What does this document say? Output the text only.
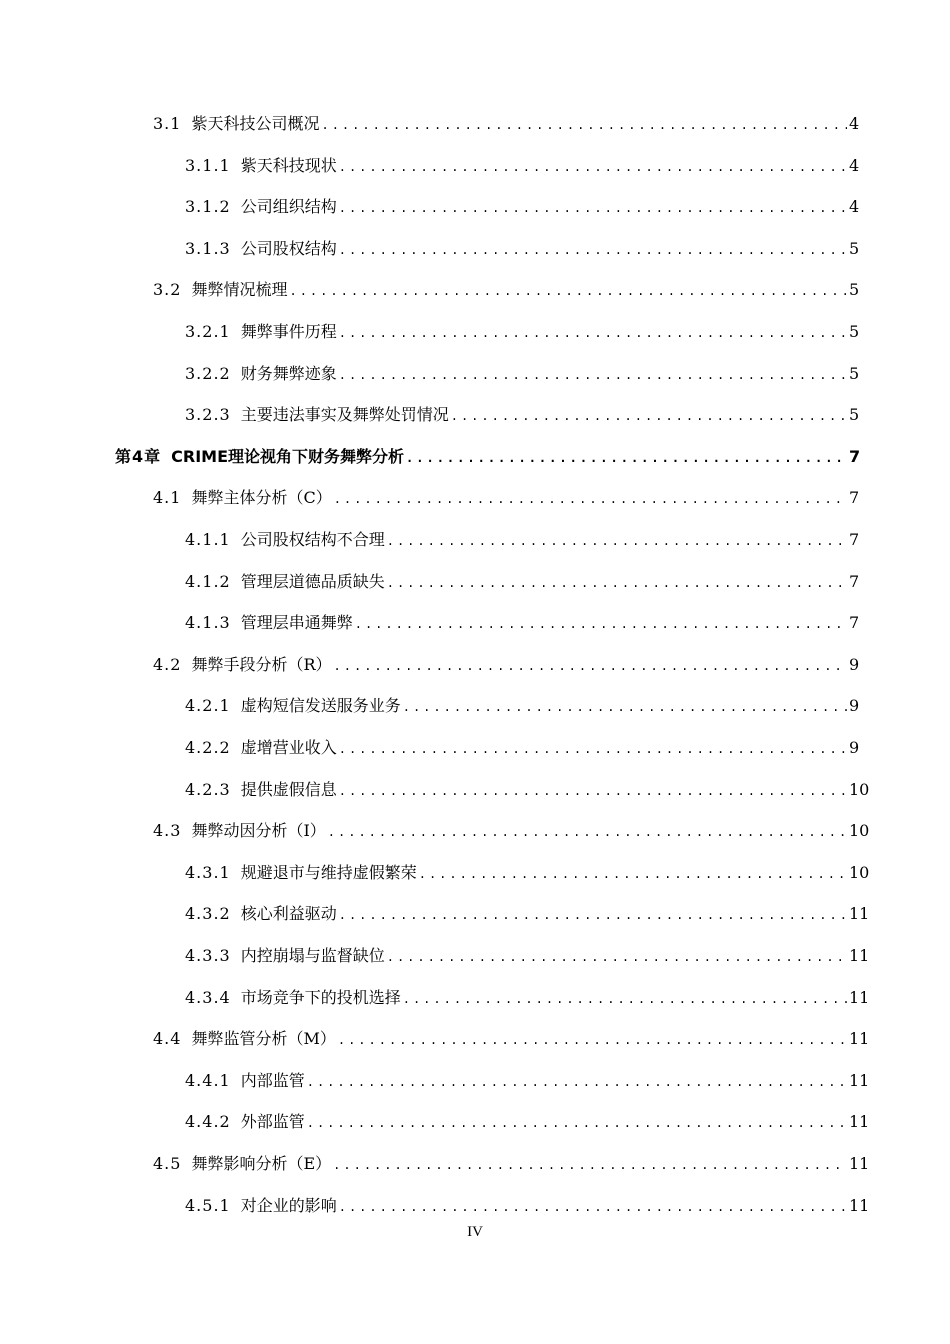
3.1 紫天科技公司概况 .....	4
3.1.1 紫天科技现状 .....	4
3.1.2 公司组织结构 .....	4
3.1.3 公司股权结构 .....	5
3.2 舞弊情况梳理 .....	5
3.2.1 舞弊事件历程 .....	5
3.2.2 财务舞弊迹象 .....	5
3.2.3 主要违法事实及舞弊处罚情况 .....	5
第4章 CRIME理论视角下财务舞弊分析 .....	7
4.1 舞弊主体分析（C） .....	7
4.1.1 公司股权结构不合理 .....	7
4.1.2 管理层道德品质缺失 .....	7
4.1.3 管理层串通舞弊 .....	7
4.2 舞弊手段分析（R） .....	9
4.2.1 虚构短信发送服务业务 .....	9
4.2.2 虚增营业收入 .....	9
4.2.3 提供虚假信息 .....	10
4.3 舞弊动因分析（I） .....	10
4.3.1 规避退市与维持虚假繁荣 .....	10
4.3.2 核心利益驱动 .....	11
4.3.3 内控崩塌与监督缺位 .....	11
4.3.4 市场竞争下的投机选择 .....	11
4.4 舞弊监管分析（M） .....	11
4.4.1 内部监管 .....	11
4.4.2 外部监管 .....	11
4.5 舞弊影响分析（E） .....	11
4.5.1 对企业的影响 .....	11
IV
